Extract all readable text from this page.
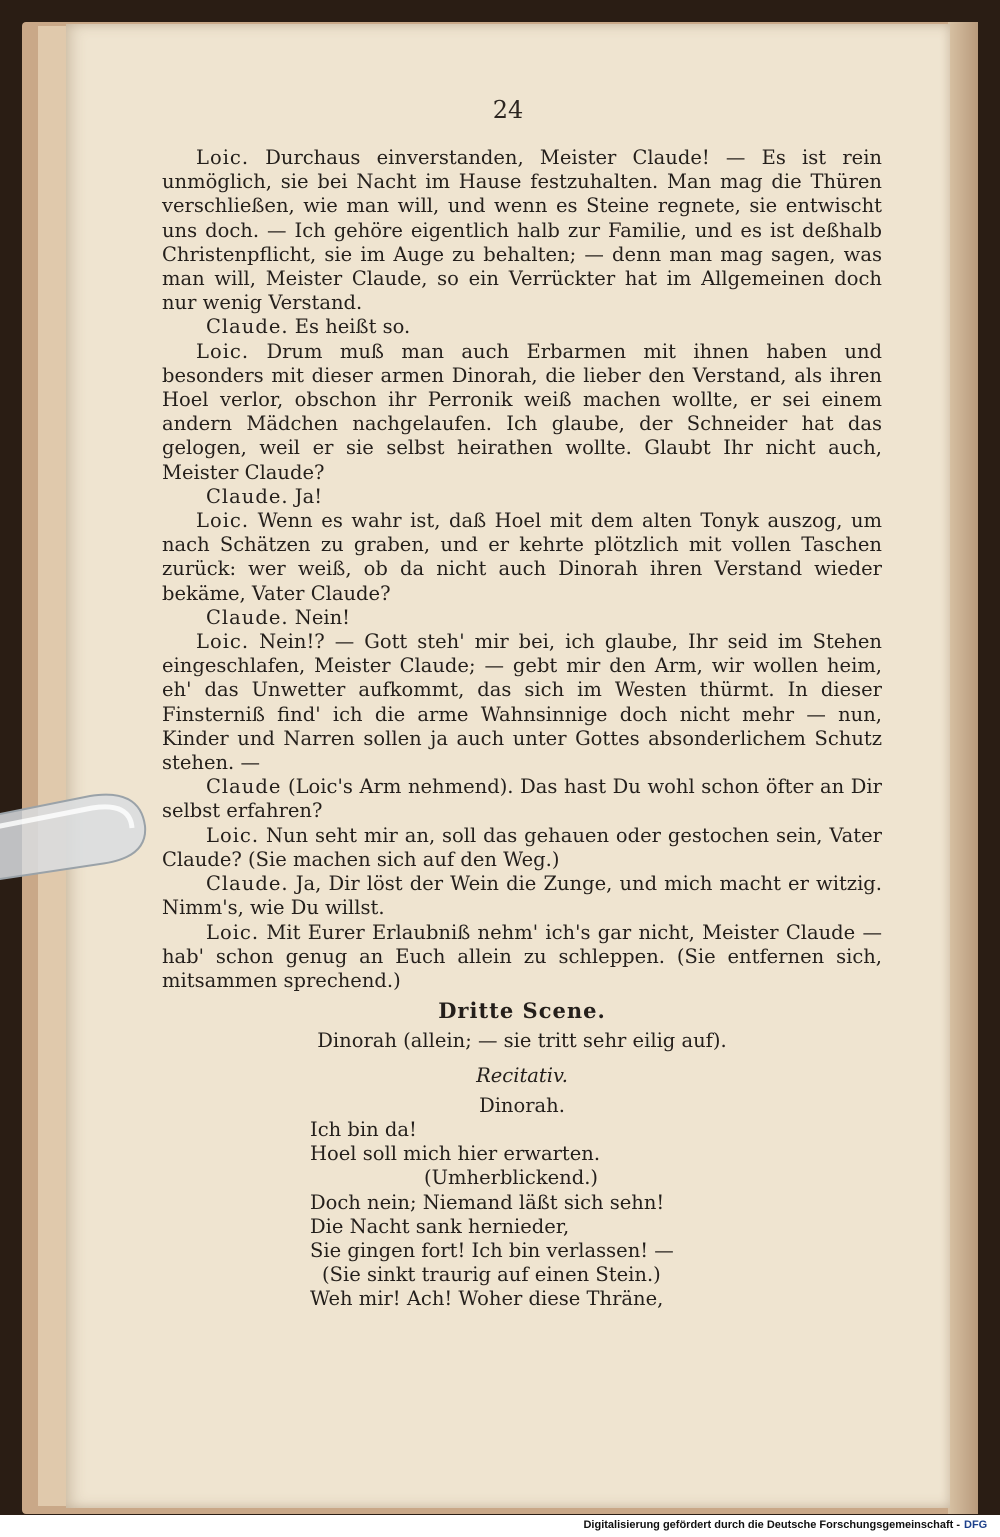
24

Loic. Durchaus einverstanden, Meister Claude! — Es ist rein unmöglich, sie bei Nacht im Hause festzuhalten. Man mag die Thüren verschließen, wie man will, und wenn es Steine regnete, sie entwischt uns doch. — Ich gehöre eigentlich halb zur Familie, und es ist deßhalb Christenpflicht, sie im Auge zu behalten; — denn man mag sagen, was man will, Meister Claude, so ein Verrückter hat im Allgemeinen doch nur wenig Verstand.

Claude. Es heißt so.

Loic. Drum muß man auch Erbarmen mit ihnen haben und besonders mit dieser armen Dinorah, die lieber den Verstand, als ihren Hoel verlor, obschon ihr Perronik weiß machen wollte, er sei einem andern Mädchen nachgelaufen. Ich glaube, der Schneider hat das gelogen, weil er sie selbst heirathen wollte. Glaubt Ihr nicht auch, Meister Claude?

Claude. Ja!

Loic. Wenn es wahr ist, daß Hoel mit dem alten Tonyk auszog, um nach Schätzen zu graben, und er kehrte plötzlich mit vollen Taschen zurück: wer weiß, ob da nicht auch Dinorah ihren Verstand wieder bekäme, Vater Claude?

Claude. Nein!

Loic. Nein!? — Gott steh' mir bei, ich glaube, Ihr seid im Stehen eingeschlafen, Meister Claude; — gebt mir den Arm, wir wollen heim, eh' das Unwetter aufkommt, das sich im Westen thürmt. In dieser Finsterniß find' ich die arme Wahnsinnige doch nicht mehr — nun, Kinder und Narren sollen ja auch unter Gottes absonderlichem Schutz stehen. —

Claude (Loic's Arm nehmend). Das hast Du wohl schon öfter an Dir selbst erfahren?

Loic. Nun seht mir an, soll das gehauen oder gestochen sein, Vater Claude? (Sie machen sich auf den Weg.)

Claude. Ja, Dir löst der Wein die Zunge, und mich macht er witzig. Nimm's, wie Du willst.

Loic. Mit Eurer Erlaubniß nehm' ich's gar nicht, Meister Claude — hab' schon genug an Euch allein zu schleppen. (Sie entfernen sich, mitsammen sprechend.)

Dritte Scene.

Dinorah (allein; — sie tritt sehr eilig auf).

Recitativ.

Dinorah.

Ich bin da!

Hoel soll mich hier erwarten.

(Umherblickend.)

Doch nein; Niemand läßt sich sehn!

Die Nacht sank hernieder,

Sie gingen fort! Ich bin verlassen! —

(Sie sinkt traurig auf einen Stein.)

Weh mir! Ach! Woher diese Thräne,

Digitalisierung gefördert durch die Deutsche Forschungsgemeinschaft - DFG
